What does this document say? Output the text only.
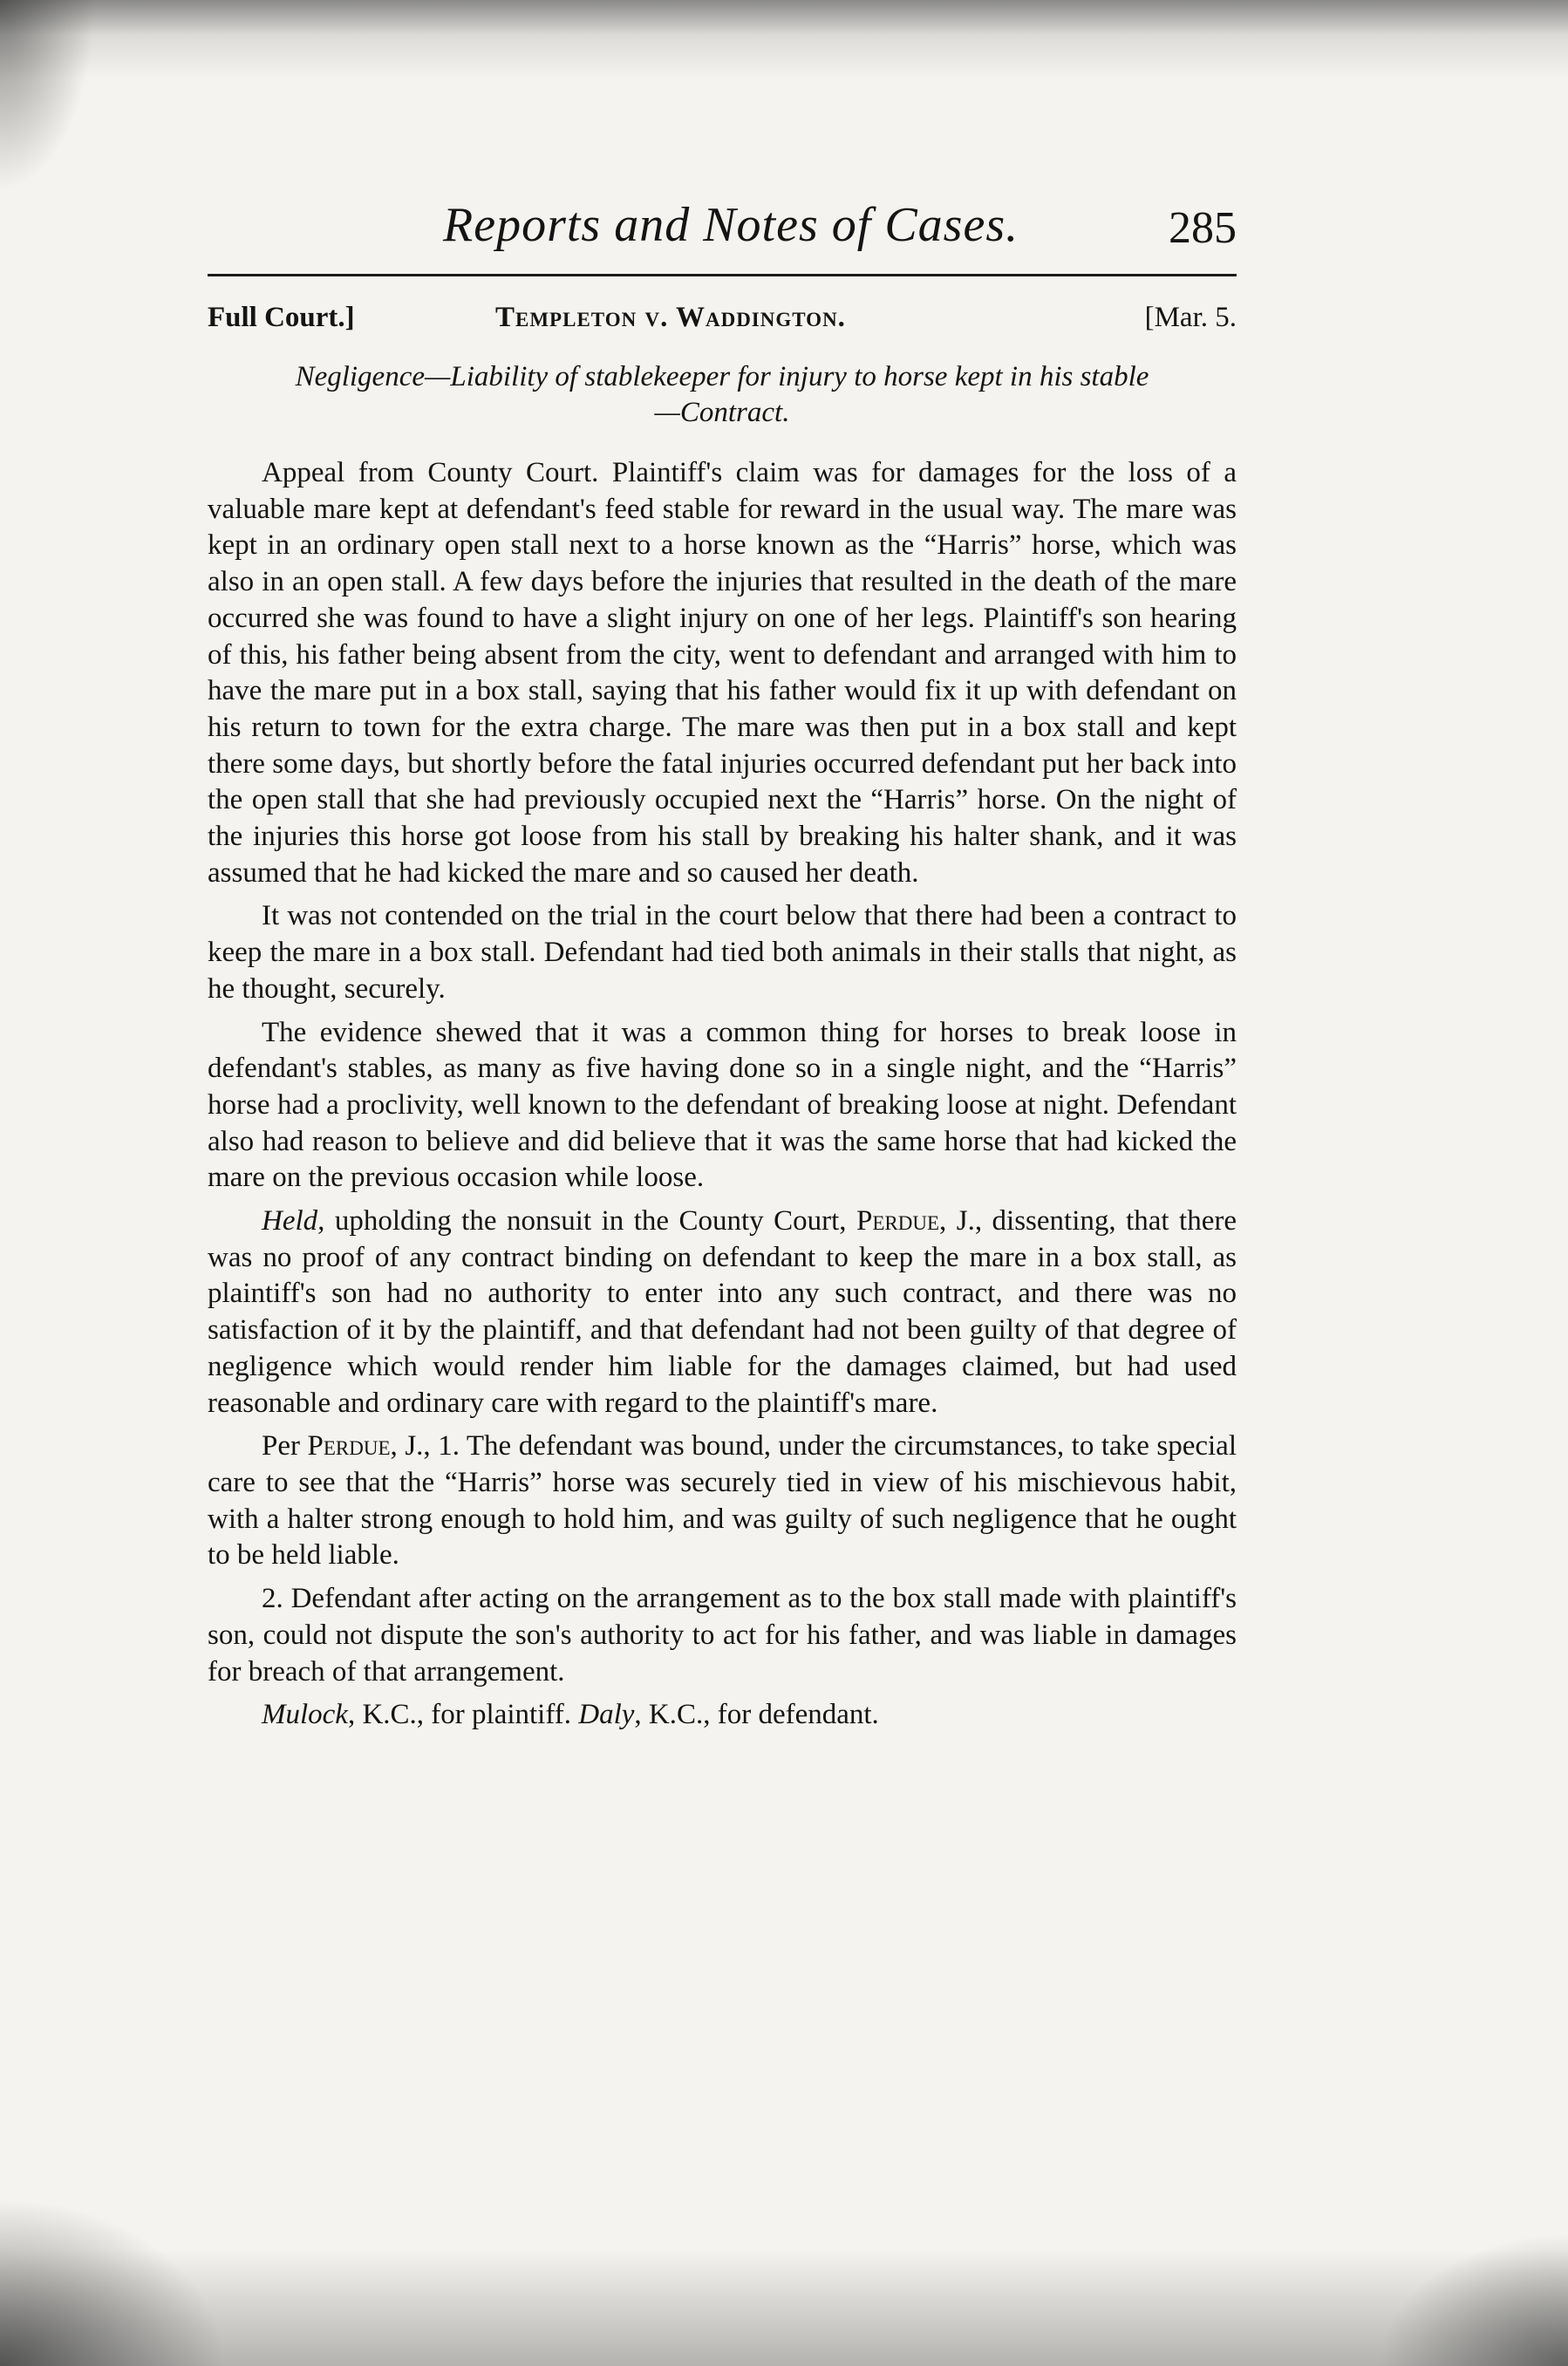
Reports and Notes of Cases.	285
Full Court.]	Templeton v. Waddington.	[Mar. 5.
Negligence—Liability of stablekeeper for injury to horse kept in his stable
—Contract.

Appeal from County Court. Plaintiff's claim was for damages for the loss of a valuable mare kept at defendant's feed stable for reward in the usual way. The mare was kept in an ordinary open stall next to a horse known as the “Harris” horse, which was also in an open stall. A few days before the injuries that resulted in the death of the mare occurred she was found to have a slight injury on one of her legs. Plaintiff's son hearing of this, his father being absent from the city, went to defendant and arranged with him to have the mare put in a box stall, saying that his father would fix it up with defendant on his return to town for the extra charge. The mare was then put in a box stall and kept there some days, but shortly before the fatal injuries occurred defendant put her back into the open stall that she had previously occupied next the “Harris” horse. On the night of the injuries this horse got loose from his stall by breaking his halter shank, and it was assumed that he had kicked the mare and so caused her death.

It was not contended on the trial in the court below that there had been a contract to keep the mare in a box stall. Defendant had tied both animals in their stalls that night, as he thought, securely.

The evidence shewed that it was a common thing for horses to break loose in defendant's stables, as many as five having done so in a single night, and the “Harris” horse had a proclivity, well known to the defendant of breaking loose at night. Defendant also had reason to believe and did believe that it was the same horse that had kicked the mare on the previous occasion while loose.

Held, upholding the nonsuit in the County Court, Perdue, J., dissenting, that there was no proof of any contract binding on defendant to keep the mare in a box stall, as plaintiff's son had no authority to enter into any such contract, and there was no satisfaction of it by the plaintiff, and that defendant had not been guilty of that degree of negligence which would render him liable for the damages claimed, but had used reasonable and ordinary care with regard to the plaintiff's mare.

Per Perdue, J., 1. The defendant was bound, under the circumstances, to take special care to see that the “Harris” horse was securely tied in view of his mischievous habit, with a halter strong enough to hold him, and was guilty of such negligence that he ought to be held liable.

2. Defendant after acting on the arrangement as to the box stall made with plaintiff's son, could not dispute the son's authority to act for his father, and was liable in damages for breach of that arrangement.

Mulock, K.C., for plaintiff. Daly, K.C., for defendant.
